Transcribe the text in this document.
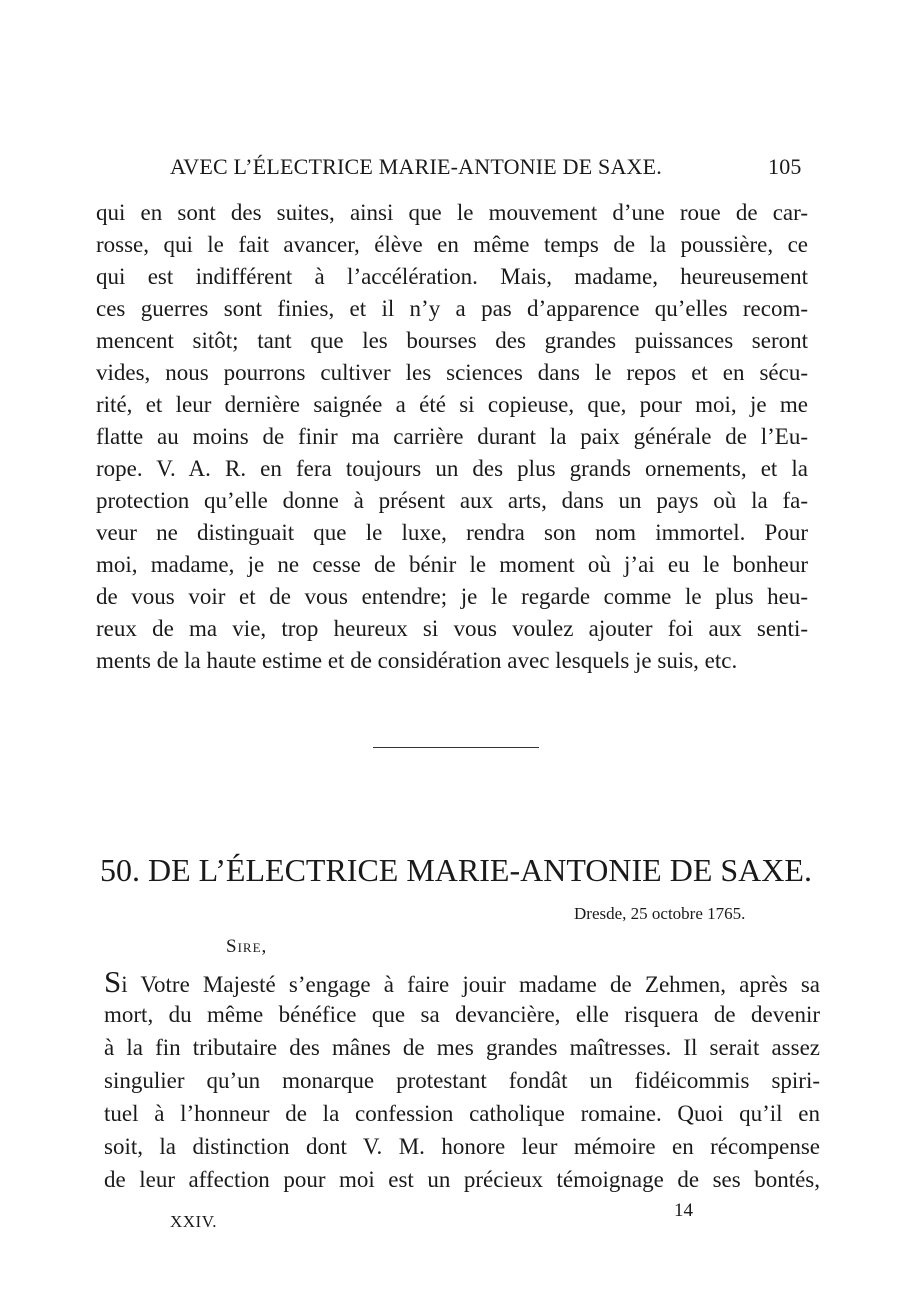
AVEC L’ÉLECTRICE MARIE-ANTONIE DE SAXE.	105
qui en sont des suites, ainsi que le mouvement d’une roue de car-
rosse, qui le fait avancer, élève en même temps de la poussière, ce
qui est indifférent à l’accélération. Mais, madame, heureusement
ces guerres sont finies, et il n’y a pas d’apparence qu’elles recom-
mencent sitôt; tant que les bourses des grandes puissances seront
vides, nous pourrons cultiver les sciences dans le repos et en sécu-
rité, et leur dernière saignée a été si copieuse, que, pour moi, je me
flatte au moins de finir ma carrière durant la paix générale de l’Eu-
rope. V. A. R. en fera toujours un des plus grands ornements, et la
protection qu’elle donne à présent aux arts, dans un pays où la fa-
veur ne distinguait que le luxe, rendra son nom immortel. Pour
moi, madame, je ne cesse de bénir le moment où j’ai eu le bonheur
de vous voir et de vous entendre; je le regarde comme le plus heu-
reux de ma vie, trop heureux si vous voulez ajouter foi aux senti-
ments de la haute estime et de considération avec lesquels je suis, etc.
50. DE L’ÉLECTRICE MARIE-ANTONIE DE SAXE.
Dresde, 25 octobre 1765.
Sire,
Si Votre Majesté s’engage à faire jouir madame de Zehmen, après sa
mort, du même bénéfice que sa devancière, elle risquera de devenir
à la fin tributaire des mânes de mes grandes maîtresses. Il serait assez
singulier qu’un monarque protestant fondât un fidéicommis spiri-
tuel à l’honneur de la confession catholique romaine. Quoi qu’il en
soit, la distinction dont V. M. honore leur mémoire en récompense
de leur affection pour moi est un précieux témoignage de ses bontés,
XXIV.
14
